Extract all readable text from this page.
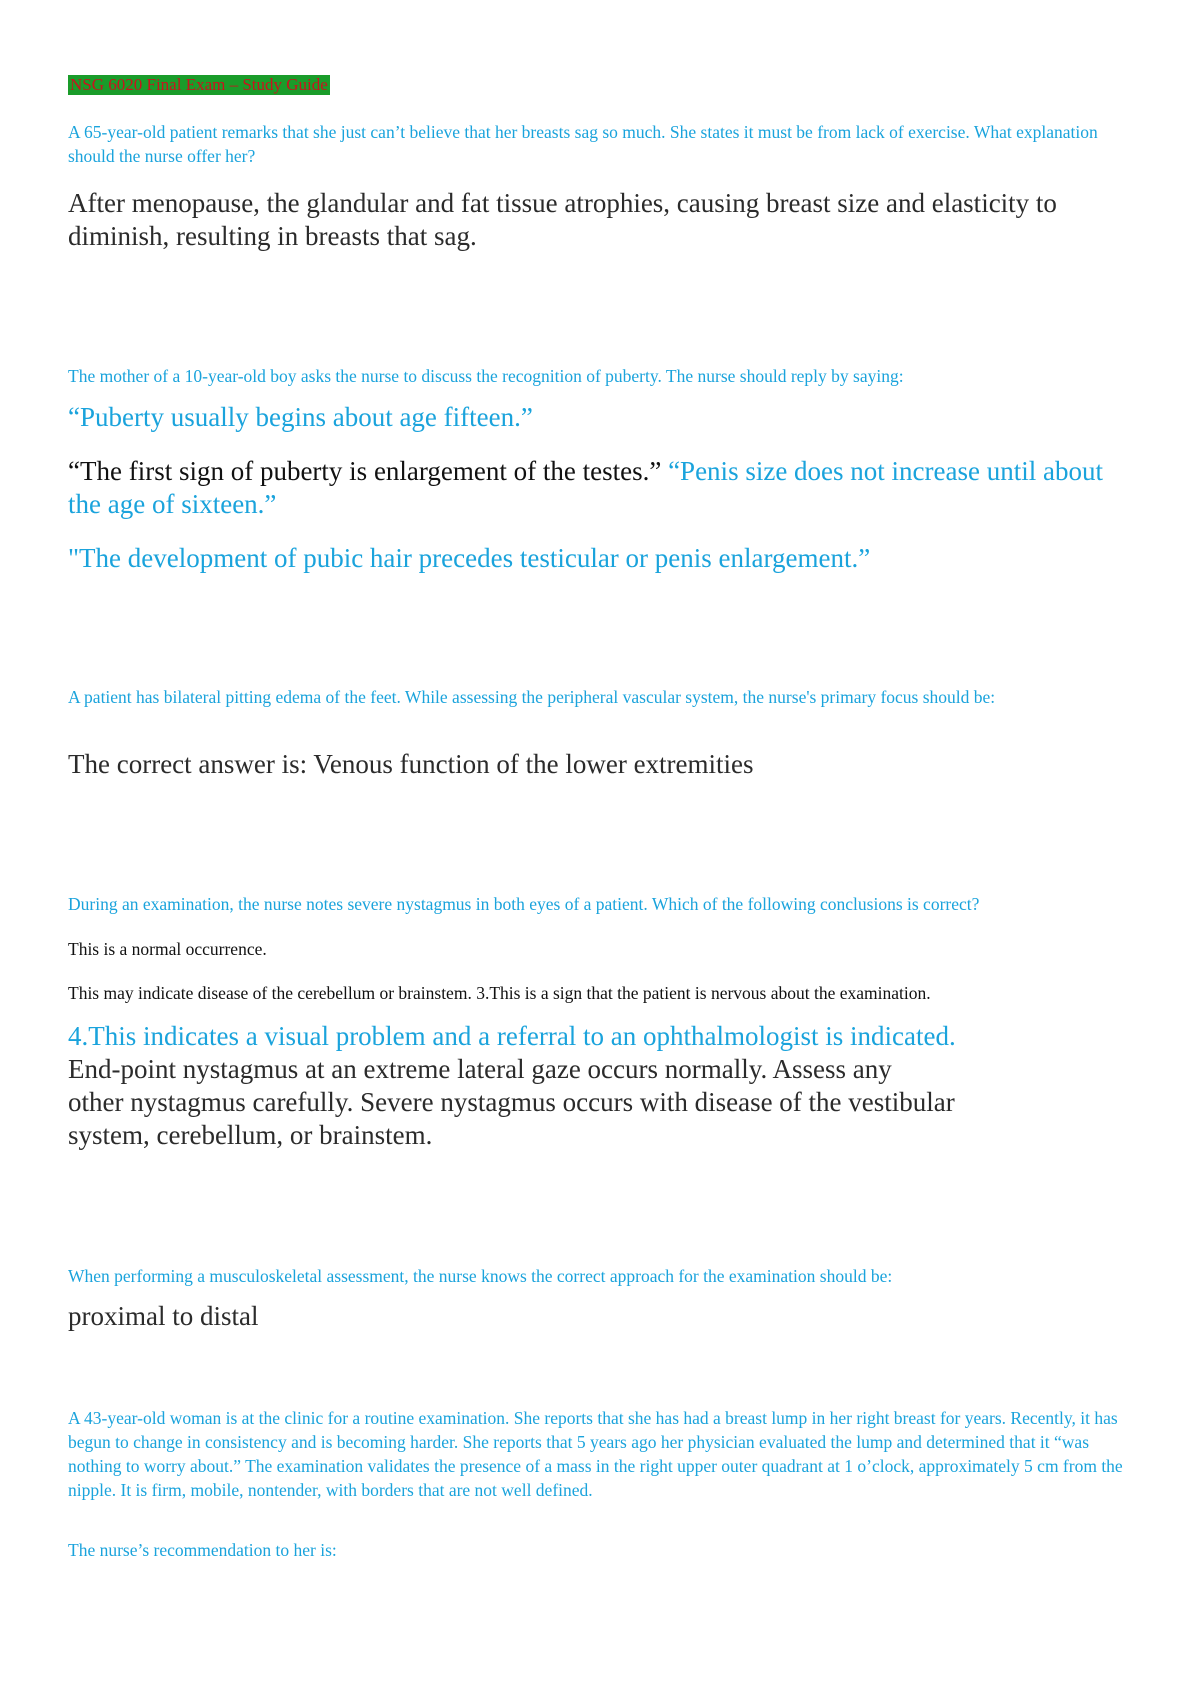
NSG 6020 Final Exam – Study Guide

A 65-year-old patient remarks that she just can’t believe that her breasts sag so much. She states it must be from lack of exercise. What explanation should the nurse offer her?

After menopause, the glandular and fat tissue atrophies, causing breast size and elasticity to diminish, resulting in breasts that sag.

The mother of a 10-year-old boy asks the nurse to discuss the recognition of puberty. The nurse should reply by saying:

“Puberty usually begins about age fifteen.”

“The first sign of puberty is enlargement of the testes.” “Penis size does not increase until about the age of sixteen.”

"The development of pubic hair precedes testicular or penis enlargement.”

A patient has bilateral pitting edema of the feet. While assessing the peripheral vascular system, the nurse's primary focus should be:

The correct answer is: Venous function of the lower extremities

During an examination, the nurse notes severe nystagmus in both eyes of a patient. Which of the following conclusions is correct?

This is a normal occurrence.

This may indicate disease of the cerebellum or brainstem. 3.This is a sign that the patient is nervous about the examination.

4.This indicates a visual problem and a referral to an ophthalmologist is indicated.

End-point nystagmus at an extreme lateral gaze occurs normally. Assess any

other nystagmus carefully. Severe nystagmus occurs with disease of the vestibular

system, cerebellum, or brainstem.

When performing a musculoskeletal assessment, the nurse knows the correct approach for the examination should be:

proximal to distal

A 43-year-old woman is at the clinic for a routine examination. She reports that she has had a breast lump in her right breast for years. Recently, it has begun to change in consistency and is becoming harder. She reports that 5 years ago her physician evaluated the lump and determined that it “was nothing to worry about.” The examination validates the presence of a mass in the right upper outer quadrant at 1 o’clock, approximately 5 cm from the nipple. It is firm, mobile, nontender, with borders that are not well defined.

The nurse’s recommendation to her is:
